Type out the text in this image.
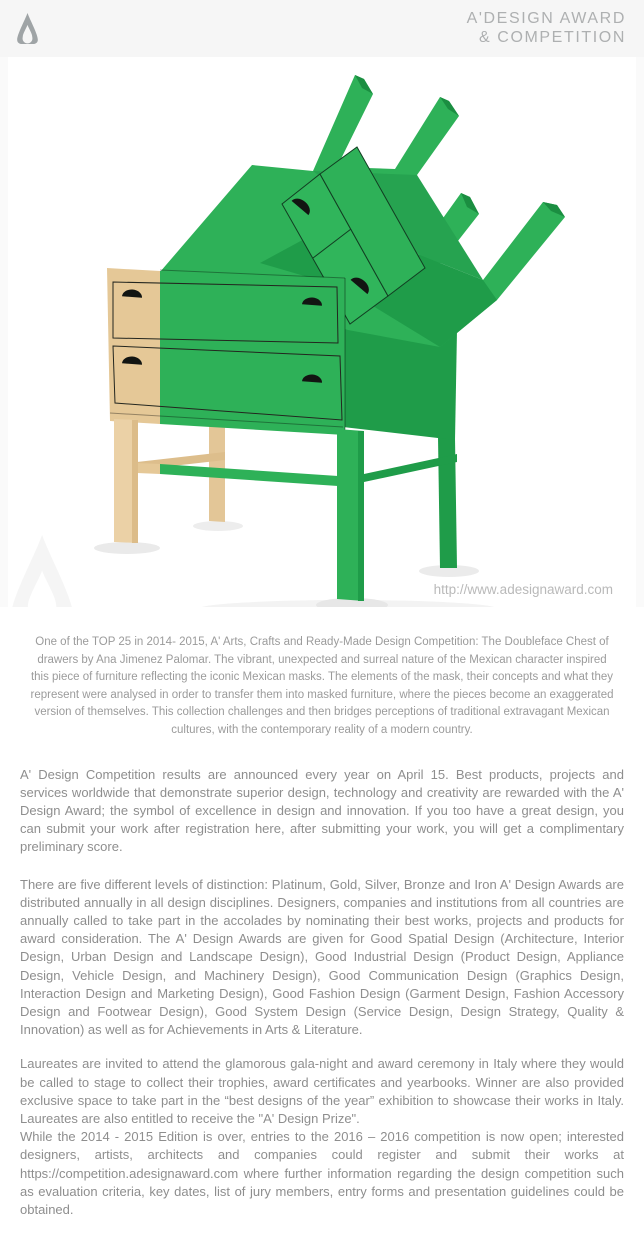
A'DESIGN AWARD
& COMPETITION
http://www.adesignaward.com

One of the TOP 25 in 2014- 2015, A' Arts, Crafts and Ready-Made Design Competition: The Doubleface Chest of drawers by Ana Jimenez Palomar. The vibrant, unexpected and surreal nature of the Mexican character inspired this piece of furniture reflecting the iconic Mexican masks. The elements of the mask, their concepts and what they represent were analysed in order to transfer them into masked furniture, where the pieces become an exaggerated version of themselves. This collection challenges and then bridges perceptions of traditional extravagant Mexican cultures, with the contemporary reality of a modern country.

A' Design Competition results are announced every year on April 15. Best products, projects and services worldwide that demonstrate superior design, technology and creativity are rewarded with the A' Design Award; the symbol of excellence in design and innovation. If you too have a great design, you can submit your work after registration here, after submitting your work, you will get a complimentary preliminary score.

There are five different levels of distinction: Platinum, Gold, Silver, Bronze and Iron A' Design Awards are distributed annually in all design disciplines. Designers, companies and institutions from all countries are annually called to take part in the accolades by nominating their best works, projects and products for award consideration. The A' Design Awards are given for Good Spatial Design (Architecture, Interior Design, Urban Design and Landscape Design), Good Industrial Design (Product Design, Appliance Design, Vehicle Design, and Machinery Design), Good Communication Design (Graphics Design, Interaction Design and Marketing Design), Good Fashion Design (Garment Design, Fashion Accessory Design and Footwear Design), Good System Design (Service Design, Design Strategy, Quality & Innovation) as well as for Achievements in Arts & Literature.

Laureates are invited to attend the glamorous gala-night and award ceremony in Italy where they would be called to stage to collect their trophies, award certificates and yearbooks. Winner are also provided exclusive space to take part in the “best designs of the year” exhibition to showcase their works in Italy. Laureates are also entitled to receive the "A' Design Prize".

While the 2014 - 2015 Edition is over, entries to the 2016 – 2016 competition is now open; interested designers, artists, architects and companies could register and submit their works at https://competition.adesignaward.com where further information regarding the design competition such as evaluation criteria, key dates, list of jury members, entry forms and presentation guidelines could be obtained.
